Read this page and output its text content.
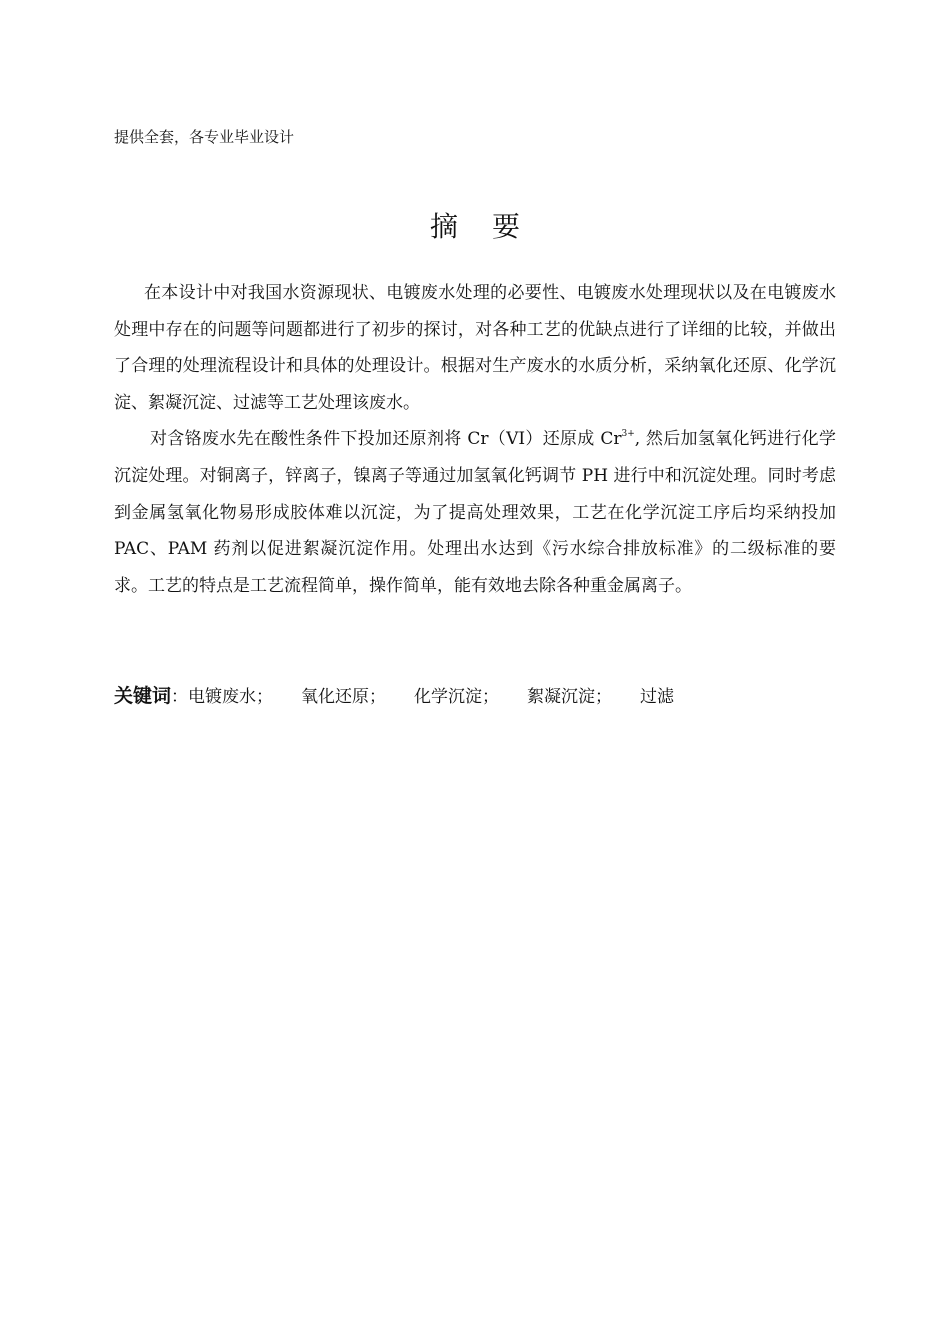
提供全套，各专业毕业设计
摘要

在本设计中对我国水资源现状、电镀废水处理的必要性、电镀废水处理现状以及在电镀废水处理中存在的问题等问题都进行了初步的探讨，对各种工艺的优缺点进行了详细的比较，并做出了合理的处理流程设计和具体的处理设计。根据对生产废水的水质分析，采纳氧化还原、化学沉淀、絮凝沉淀、过滤等工艺处理该废水。

对含铬废水先在酸性条件下投加还原剂将 Cr（VI）还原成 $Cr^{3+}$, 然后加氢氧化钙进行化学沉淀处理。对铜离子，锌离子，镍离子等通过加氢氧化钙调节 PH 进行中和沉淀处理。同时考虑到金属氢氧化物易形成胶体难以沉淀，为了提高处理效果，工艺在化学沉淀工序后均采纳投加 PAC、PAM 药剂以促进絮凝沉淀作用。处理出水达到《污水综合排放标准》的二级标准的要求。工艺的特点是工艺流程简单，操作简单，能有效地去除各种重金属离子。

关键词：电镀废水； 氧化还原； 化学沉淀； 絮凝沉淀； 过滤
